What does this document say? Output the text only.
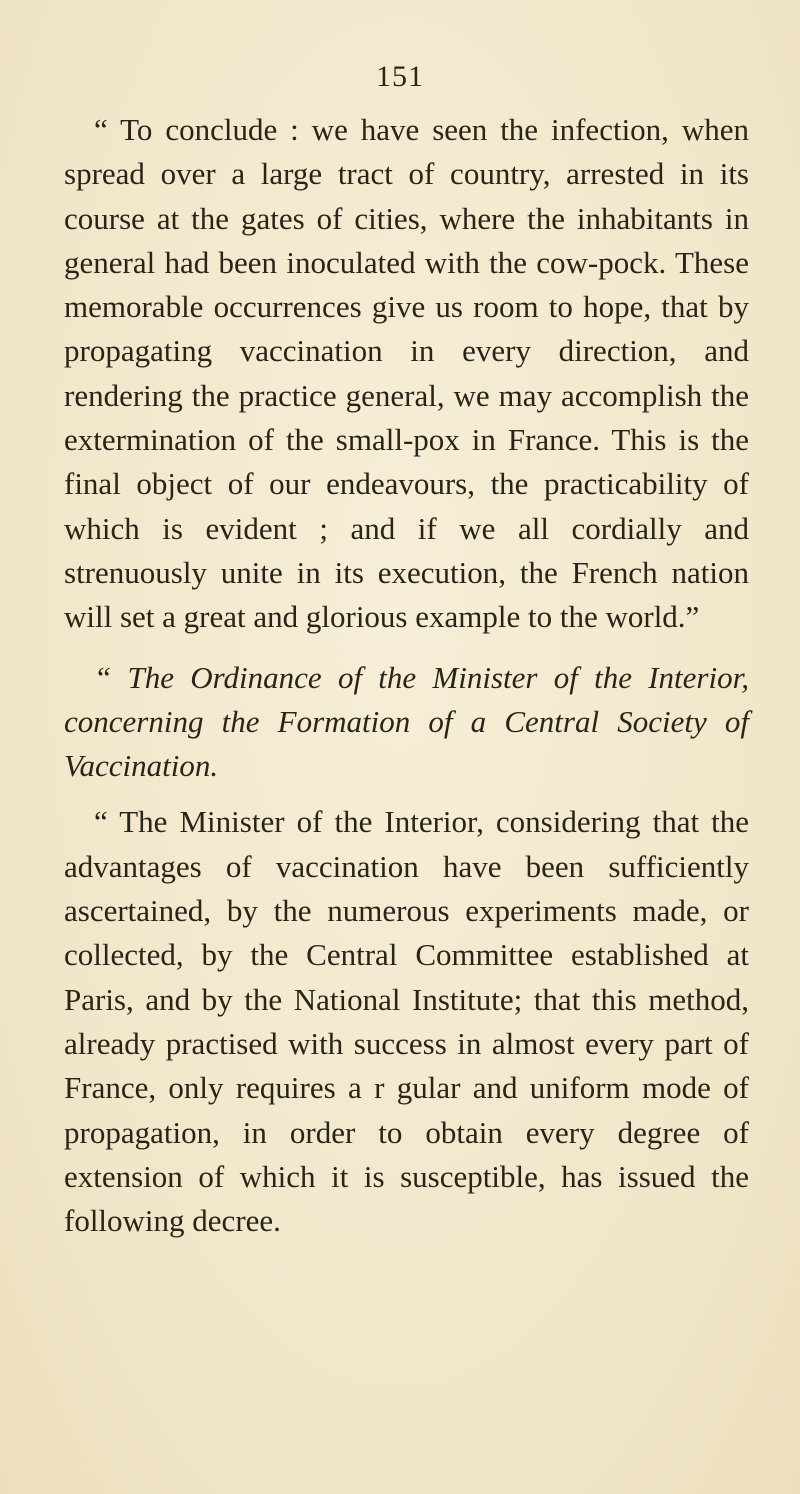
151

“ To conclude : we have seen the infection, when spread over a large tract of country, arrested in its course at the gates of cities, where the inhabitants in general had been inoculated with the cow-pock. These memorable occurrences give us room to hope, that by propagating vaccination in every direction, and rendering the practice general, we may accomplish the extermination of the small-pox in France. This is the final object of our endeavours, the practicability of which is evident ; and if we all cordially and strenuously unite in its execution, the French nation will set a great and glorious example to the world.”

“ The Ordinance of the Minister of the Interior, concerning the Formation of a Central Society of Vaccination.

“ The Minister of the Interior, considering that the advantages of vaccination have been sufficiently ascertained, by the numerous experiments made, or collected, by the Central Committee established at Paris, and by the National Institute; that this method, already practised with success in almost every part of France, only requires a r gular and uniform mode of propagation, in order to obtain every degree of extension of which it is susceptible, has issued the following decree.
